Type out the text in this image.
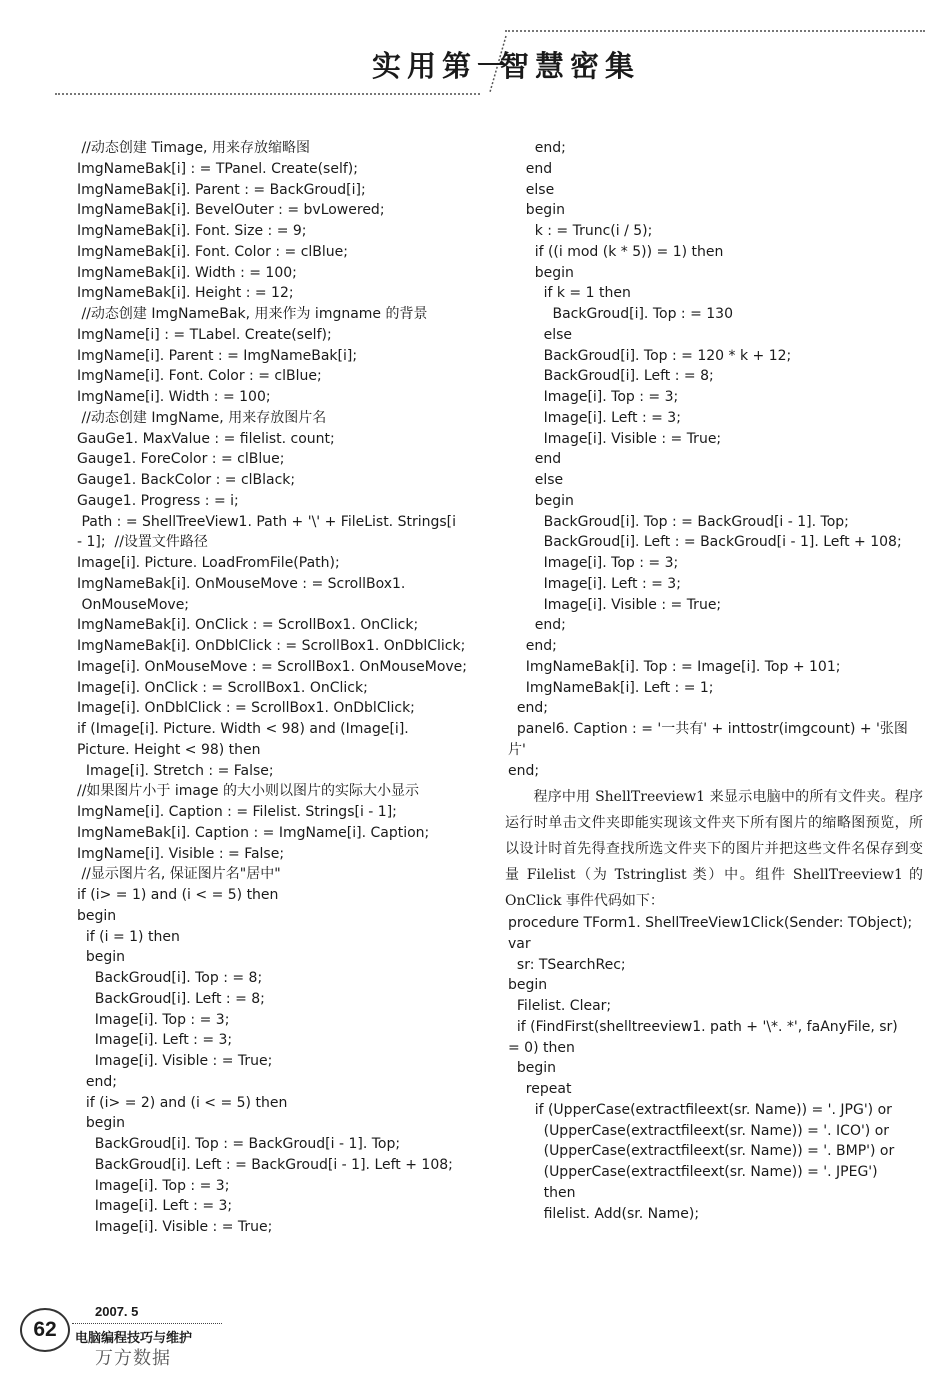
实用第一
智慧密集
//动态创建 Timage, 用来存放缩略图
ImgNameBak[i] : = TPanel. Create(self);
ImgNameBak[i]. Parent : = BackGroud[i];
ImgNameBak[i]. BevelOuter : = bvLowered;
ImgNameBak[i]. Font. Size : = 9;
ImgNameBak[i]. Font. Color : = clBlue;
ImgNameBak[i]. Width : = 100;
ImgNameBak[i]. Height : = 12;
//动态创建 ImgNameBak, 用来作为 imgname 的背景
ImgName[i] : = TLabel. Create(self);
ImgName[i]. Parent : = ImgNameBak[i];
ImgName[i]. Font. Color : = clBlue;
ImgName[i]. Width : = 100;
//动态创建 ImgName, 用来存放图片名
GauGe1. MaxValue : = filelist. count;
Gauge1. ForeColor : = clBlue;
Gauge1. BackColor : = clBlack;
Gauge1. Progress : = i;
Path : = ShellTreeView1. Path + '\' + FileList. Strings[i
- 1];  //设置文件路径
Image[i]. Picture. LoadFromFile(Path);
ImgNameBak[i]. OnMouseMove : = ScrollBox1.
OnMouseMove;
ImgNameBak[i]. OnClick : = ScrollBox1. OnClick;
ImgNameBak[i]. OnDblClick : = ScrollBox1. OnDblClick;
Image[i]. OnMouseMove : = ScrollBox1. OnMouseMove;
Image[i]. OnClick : = ScrollBox1. OnClick;
Image[i]. OnDblClick : = ScrollBox1. OnDblClick;
if (Image[i]. Picture. Width < 98) and (Image[i].
Picture. Height < 98) then
Image[i]. Stretch : = False;
//如果图片小于 image 的大小则以图片的实际大小显示
ImgName[i]. Caption : = Filelist. Strings[i - 1];
ImgNameBak[i]. Caption : = ImgName[i]. Caption;
ImgName[i]. Visible : = False;
//显示图片名, 保证图片名"居中"
if (i> = 1) and (i < = 5) then
begin
if (i = 1) then
begin
BackGroud[i]. Top : = 8;
BackGroud[i]. Left : = 8;
Image[i]. Top : = 3;
Image[i]. Left : = 3;
Image[i]. Visible : = True;
end;
if (i> = 2) and (i < = 5) then
begin
BackGroud[i]. Top : = BackGroud[i - 1]. Top;
BackGroud[i]. Left : = BackGroud[i - 1]. Left + 108;
Image[i]. Top : = 3;
Image[i]. Left : = 3;
Image[i]. Visible : = True;
end;
end
else
begin
k : = Trunc(i / 5);
if ((i mod (k * 5)) = 1) then
begin
if k = 1 then
BackGroud[i]. Top : = 130
else
BackGroud[i]. Top : = 120 * k + 12;
BackGroud[i]. Left : = 8;
Image[i]. Top : = 3;
Image[i]. Left : = 3;
Image[i]. Visible : = True;
end
else
begin
BackGroud[i]. Top : = BackGroud[i - 1]. Top;
BackGroud[i]. Left : = BackGroud[i - 1]. Left + 108;
Image[i]. Top : = 3;
Image[i]. Left : = 3;
Image[i]. Visible : = True;
end;
end;
ImgNameBak[i]. Top : = Image[i]. Top + 101;
ImgNameBak[i]. Left : = 1;
end;
panel6. Caption : = '一共有' + inttostr(imgcount) + '张图
片'
end;

　　程序中用 ShellTreeview1 来显示电脑中的所有文件夹。程序运行时单击文件夹即能实现该文件夹下所有图片的缩略图预览，所以设计时首先得查找所选文件夹下的图片并把这些文件名保存到变量 Filelist（为 Tstringlist 类）中。组件 ShellTreeview1 的 OnClick 事件代码如下：

procedure TForm1. ShellTreeView1Click(Sender: TObject);
var
sr: TSearchRec;
begin
Filelist. Clear;
if (FindFirst(shelltreeview1. path + '\*. *', faAnyFile, sr)
= 0) then
begin
repeat
if (UpperCase(extractfileext(sr. Name)) = '. JPG') or
(UpperCase(extractfileext(sr. Name)) = '. ICO') or
(UpperCase(extractfileext(sr. Name)) = '. BMP') or
(UpperCase(extractfileext(sr. Name)) = '. JPEG')
then
filelist. Add(sr. Name);
62
2007. 5
电脑编程技巧与维护
万方数据
